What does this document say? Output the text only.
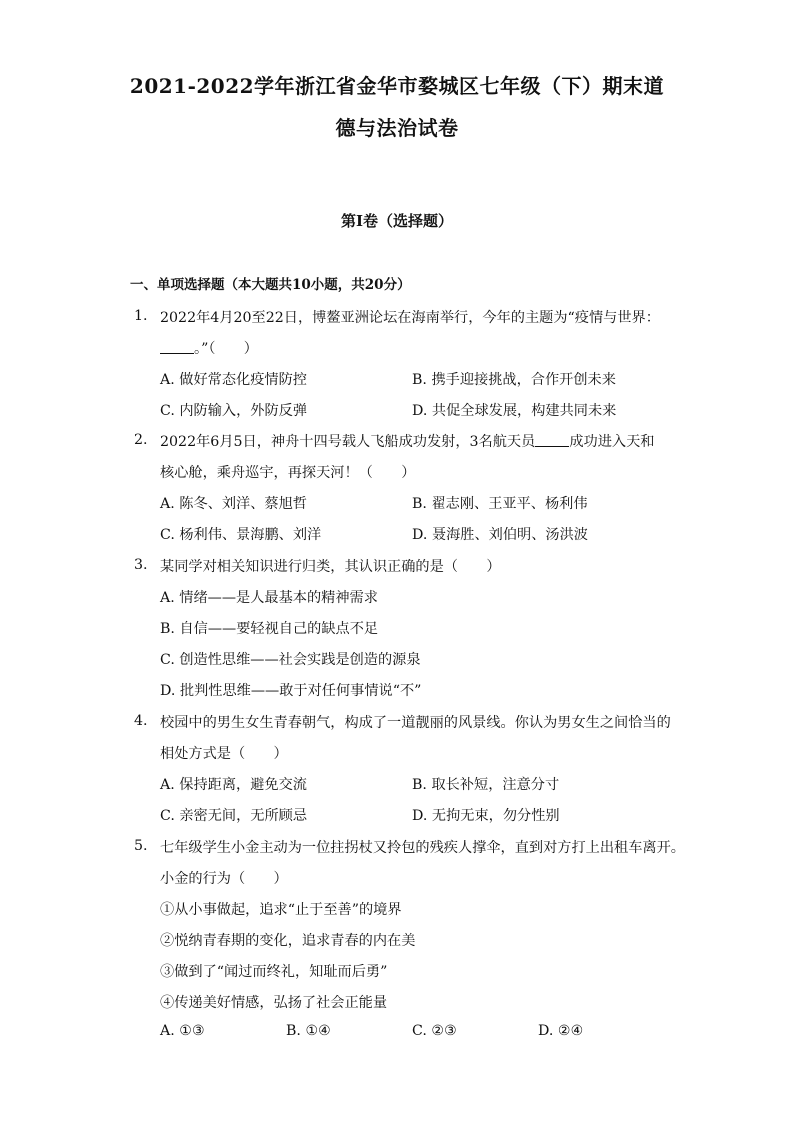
2021-2022学年浙江省金华市婺城区七年级（下）期末道
德与法治试卷
第I卷（选择题）
一、单项选择题（本大题共10小题，共20分）
1. 2022年4月20至22日，博鳌亚洲论坛在海南举行，今年的主题为“疫情与世界：
。”（　　）
A. 做好常态化疫情防控	B. 携手迎接挑战，合作开创未来
C. 内防输入，外防反弹	D. 共促全球发展，构建共同未来
2. 2022年6月5日，神舟十四号载人飞船成功发射，3名航天员 成功进入天和
核心舱，乘舟巡宇，再探天河！（　　）
A. 陈冬、刘洋、蔡旭哲	B. 翟志刚、王亚平、杨利伟
C. 杨利伟、景海鹏、刘洋	D. 聂海胜、刘伯明、汤洪波
3. 某同学对相关知识进行归类，其认识正确的是（　　）
A. 情绪——是人最基本的精神需求
B. 自信——要轻视自己的缺点不足
C. 创造性思维——社会实践是创造的源泉
D. 批判性思维——敢于对任何事情说“不”
4. 校园中的男生女生青春朝气，构成了一道靓丽的风景线。你认为男女生之间恰当的
相处方式是（　　）
A. 保持距离，避免交流	B. 取长补短，注意分寸
C. 亲密无间，无所顾忌	D. 无拘无束，勿分性别
5. 七年级学生小金主动为一位拄拐杖又拎包的残疾人撑伞，直到对方打上出租车离开。
小金的行为（　　）
①从小事做起，追求“止于至善”的境界
②悦纳青春期的变化，追求青春的内在美
③做到了“闻过而终礼，知耻而后勇”
④传递美好情感，弘扬了社会正能量
A. ①③	B. ①④	C. ②③	D. ②④
